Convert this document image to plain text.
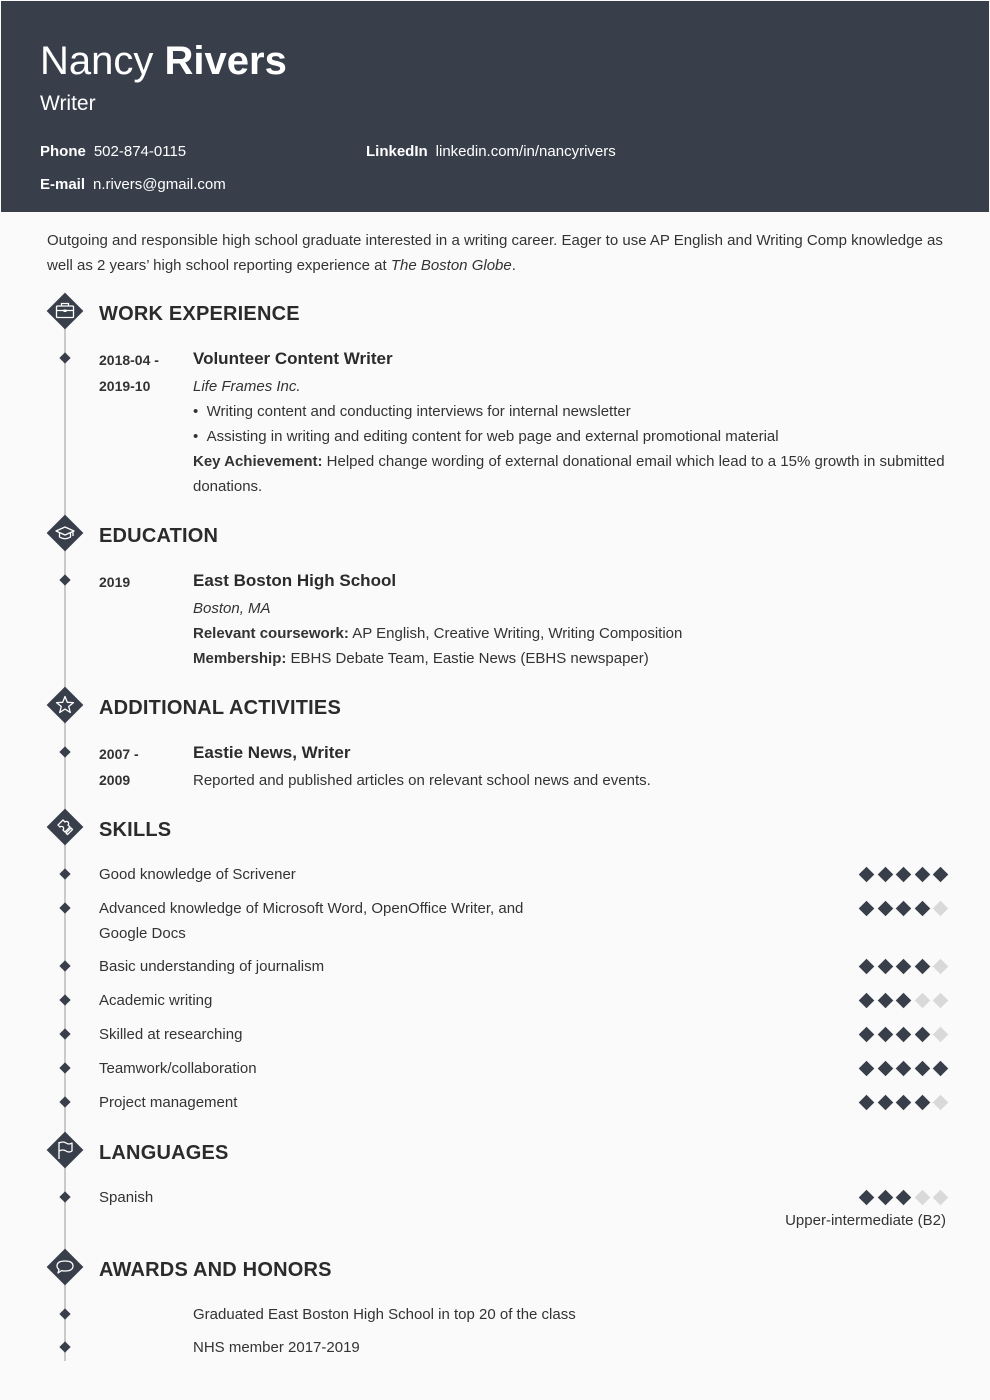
Nancy Rivers
Writer
Phone 502-874-0115	LinkedIn linkedin.com/in/nancyrivers
E-mail n.rivers@gmail.com
Outgoing and responsible high school graduate interested in a writing career. Eager to use AP English and Writing Comp knowledge as well as 2 years’ high school reporting experience at The Boston Globe.
WORK EXPERIENCE
2018-04 -
2019-10
Volunteer Content Writer
Life Frames Inc.
•  Writing content and conducting interviews for internal newsletter
•  Assisting in writing and editing content for web page and external promotional material
Key Achievement: Helped change wording of external donational email which lead to a 15% growth in submitted
donations.
EDUCATION
2019	East Boston High School
Boston, MA
Relevant coursework: AP English, Creative Writing, Writing Composition
Membership: EBHS Debate Team, Eastie News (EBHS newspaper)
ADDITIONAL ACTIVITIES
2007 -
2009
Eastie News, Writer
Reported and published articles on relevant school news and events.
SKILLS
Good knowledge of Scrivener
Advanced knowledge of Microsoft Word, OpenOffice Writer, and
Google Docs
Basic understanding of journalism
Academic writing
Skilled at researching
Teamwork/collaboration
Project management
LANGUAGES
Spanish
Upper-intermediate (B2)
AWARDS AND HONORS
Graduated East Boston High School in top 20 of the class
NHS member 2017-2019
